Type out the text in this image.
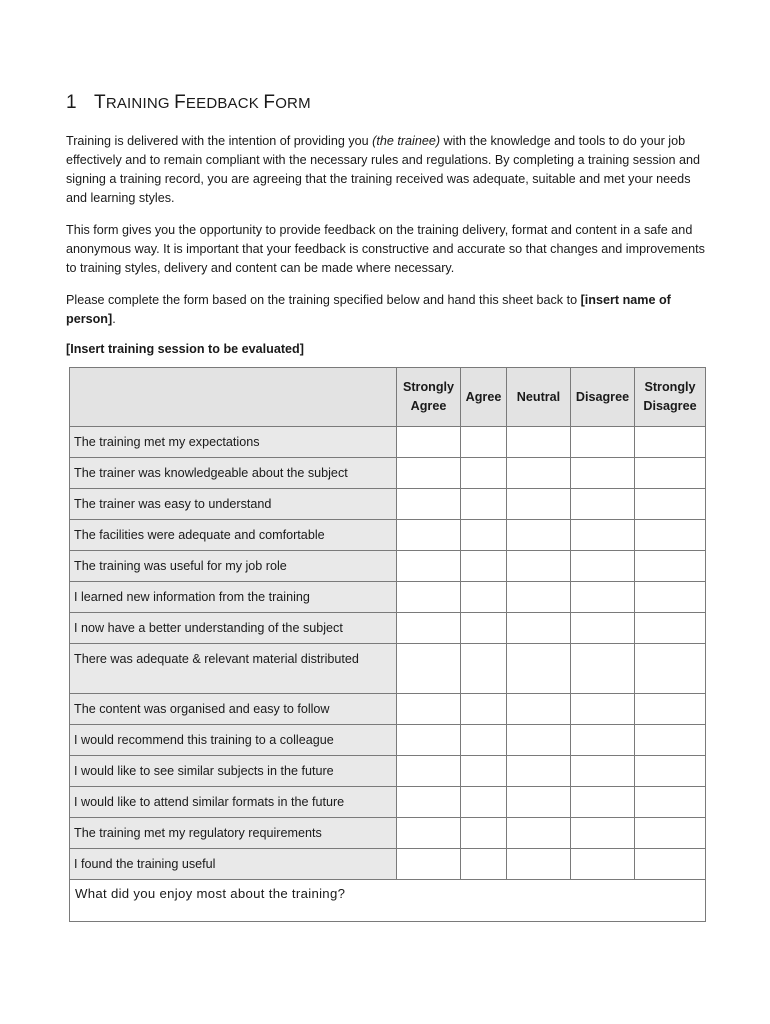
1 TRAINING FEEDBACK FORM

Training is delivered with the intention of providing you (the trainee) with the knowledge and tools to do your job effectively and to remain compliant with the necessary rules and regulations. By completing a training session and signing a training record, you are agreeing that the training received was adequate, suitable and met your needs and learning styles.

This form gives you the opportunity to provide feedback on the training delivery, format and content in a safe and anonymous way. It is important that your feedback is constructive and accurate so that changes and improvements to training styles, delivery and content can be made where necessary.

Please complete the form based on the training specified below and hand this sheet back to [insert name of person].

[Insert training session to be evaluated]
	Strongly Agree	Agree	Neutral	Disagree	Strongly Disagree
The training met my expectations					
The trainer was knowledgeable about the subject					
The trainer was easy to understand					
The facilities were adequate and comfortable					
The training was useful for my job role					
I learned new information from the training					
I now have a better understanding of the subject					
There was adequate & relevant material distributed					
The content was organised and easy to follow					
I would recommend this training to a colleague					
I would like to see similar subjects in the future					
I would like to attend similar formats in the future					
The training met my regulatory requirements					
I found the training useful					
What did you enjoy most about the training?					
